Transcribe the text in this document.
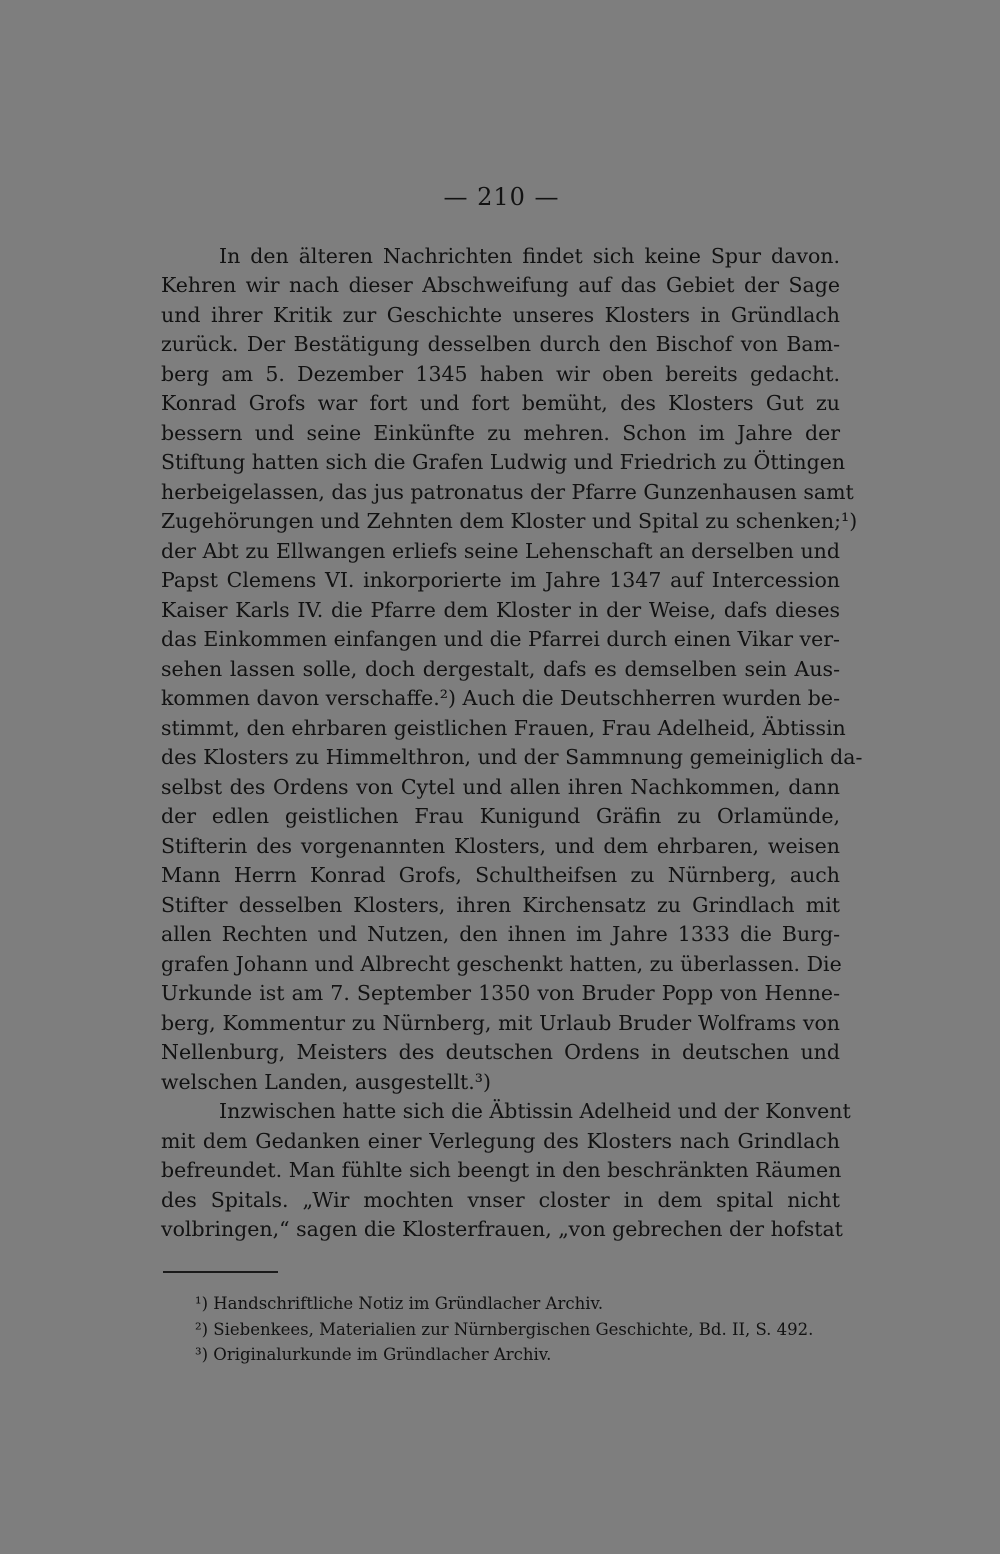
— 210 —
In den älteren Nachrichten findet sich keine Spur davon.
Kehren wir nach dieser Abschweifung auf das Gebiet der Sage
und ihrer Kritik zur Geschichte unseres Klosters in Gründlach
zurück. Der Bestätigung desselben durch den Bischof von Bam-
berg am 5. Dezember 1345 haben wir oben bereits gedacht.
Konrad Grofs war fort und fort bemüht, des Klosters Gut zu
bessern und seine Einkünfte zu mehren. Schon im Jahre der
Stiftung hatten sich die Grafen Ludwig und Friedrich zu Öttingen
herbeigelassen, das jus patronatus der Pfarre Gunzenhausen samt
Zugehörungen und Zehnten dem Kloster und Spital zu schenken;¹)
der Abt zu Ellwangen erliefs seine Lehenschaft an derselben und
Papst Clemens VI. inkorporierte im Jahre 1347 auf Intercession
Kaiser Karls IV. die Pfarre dem Kloster in der Weise, dafs dieses
das Einkommen einfangen und die Pfarrei durch einen Vikar ver-
sehen lassen solle, doch dergestalt, dafs es demselben sein Aus-
kommen davon verschaffe.²) Auch die Deutschherren wurden be-
stimmt, den ehrbaren geistlichen Frauen, Frau Adelheid, Äbtissin
des Klosters zu Himmelthron, und der Sammnung gemeiniglich da-
selbst des Ordens von Cytel und allen ihren Nachkommen, dann
der edlen geistlichen Frau Kunigund Gräfin zu Orlamünde,
Stifterin des vorgenannten Klosters, und dem ehrbaren, weisen
Mann Herrn Konrad Grofs, Schultheifsen zu Nürnberg, auch
Stifter desselben Klosters, ihren Kirchensatz zu Grindlach mit
allen Rechten und Nutzen, den ihnen im Jahre 1333 die Burg-
grafen Johann und Albrecht geschenkt hatten, zu überlassen. Die
Urkunde ist am 7. September 1350 von Bruder Popp von Henne-
berg, Kommentur zu Nürnberg, mit Urlaub Bruder Wolframs von
Nellenburg, Meisters des deutschen Ordens in deutschen und
welschen Landen, ausgestellt.³)
Inzwischen hatte sich die Äbtissin Adelheid und der Konvent
mit dem Gedanken einer Verlegung des Klosters nach Grindlach
befreundet. Man fühlte sich beengt in den beschränkten Räumen
des Spitals. „Wir mochten vnser closter in dem spital nicht
volbringen,“ sagen die Klosterfrauen, „von gebrechen der hofstat
¹) Handschriftliche Notiz im Gründlacher Archiv.
²) Siebenkees, Materialien zur Nürnbergischen Geschichte, Bd. II, S. 492.
³) Originalurkunde im Gründlacher Archiv.
